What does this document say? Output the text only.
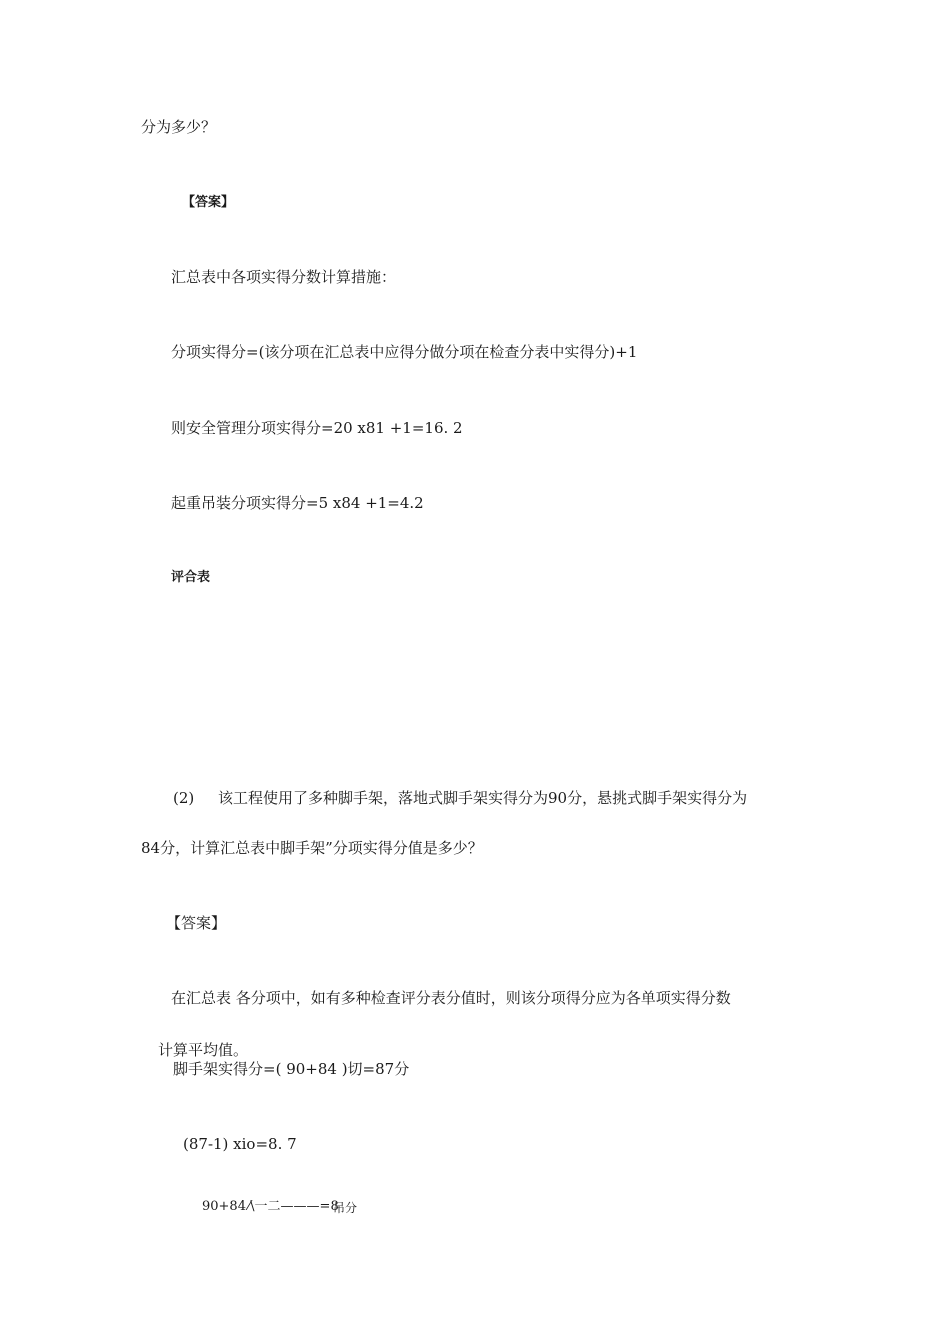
分为多少？
【答案】
汇总表中各项实得分数计算措施：
分项实得分=(该分项在汇总表中应得分做分项在检查分表中实得分)+1
则安全管理分项实得分=20 x81 +1=16. 2
起重吊装分项实得分=5 x84 +1=4.2
评合表
(2) 该工程使用了多种脚手架，落地式脚手架实得分为90分，悬挑式脚手架实得分为
84分，计算汇总表中脚手架”分项实得分值是多少？
【答案】
在汇总表 各分项中，如有多种检查评分表分值时，则该分项得分应为各单项实得分数
计算平均值。
脚手架实得分=( 90+84 )切=87分
(87-1) xio=8. 7
90+84 ⁄\一二———=8
吊分
